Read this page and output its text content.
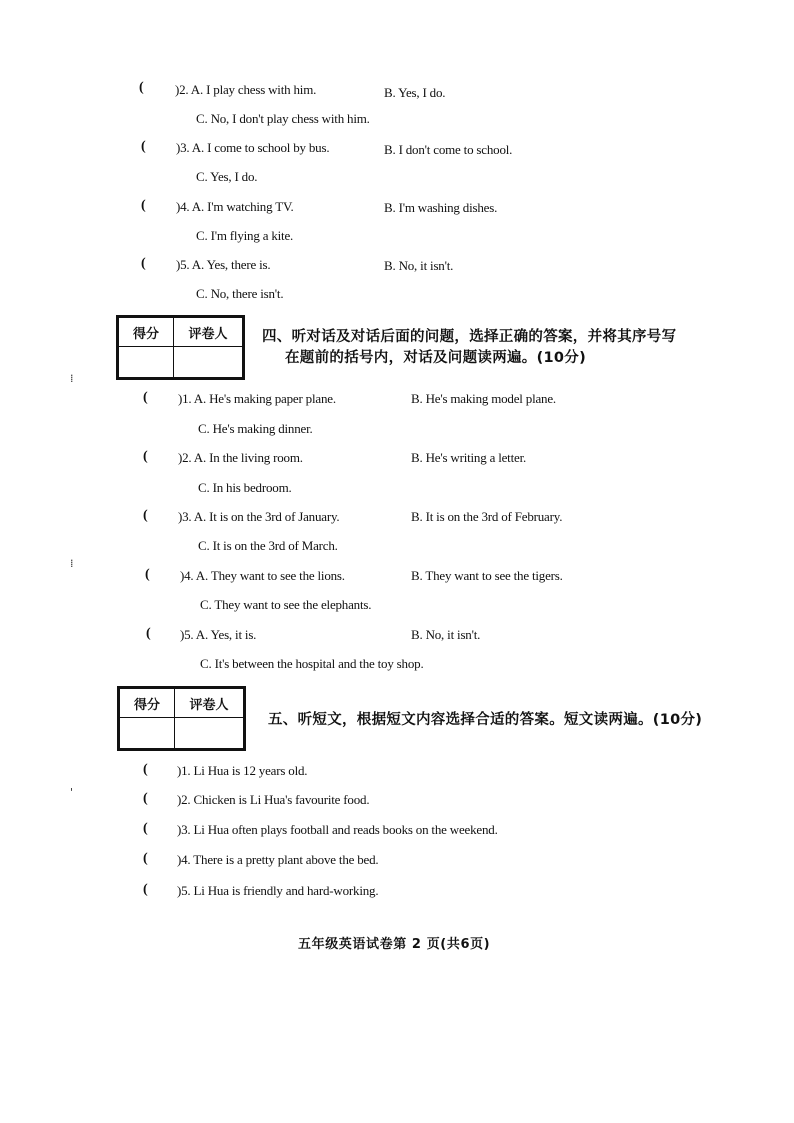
( )2. A. I play chess with him.	B. Yes, I do.
C. No, I don't play chess with him.
( )3. A. I come to school by bus.	B. I don't come to school.
C. Yes, I do.
( )4. A. I'm watching TV.	B. I'm washing dishes.
C. I'm flying a kite.
( )5. A. Yes, there is.	B. No, it isn't.
C. No, there isn't.
得分	评卷人
	四、听对话及对话后面的问题，选择正确的答案，并将其序号写
在题前的括号内，对话及问题读两遍。(10分)
⁞
( )1. A. He's making paper plane.	B. He's making model plane.
C. He's making dinner.
( )2. A. In the living room.	B. He's writing a letter.
C. In his bedroom.
( )3. A. It is on the 3rd of January.	B. It is on the 3rd of February.
C. It is on the 3rd of March.
⁞
( )4. A. They want to see the lions.	B. They want to see the tigers.
C. They want to see the elephants.
( )5. A. Yes, it is.	B. No, it isn't.
C. It's between the hospital and the toy shop.
得分	评卷人

五、听短文，根据短文内容选择合适的答案。短文读两遍。(10分)
( )1. Li Hua is 12 years old.
'	( )2. Chicken is Li Hua's favourite food.
( )3. Li Hua often plays football and reads books on the weekend.
( )4. There is a pretty plant above the bed.
( )5. Li Hua is friendly and hard-working.
五年级英语试卷第 2 页(共6页)
